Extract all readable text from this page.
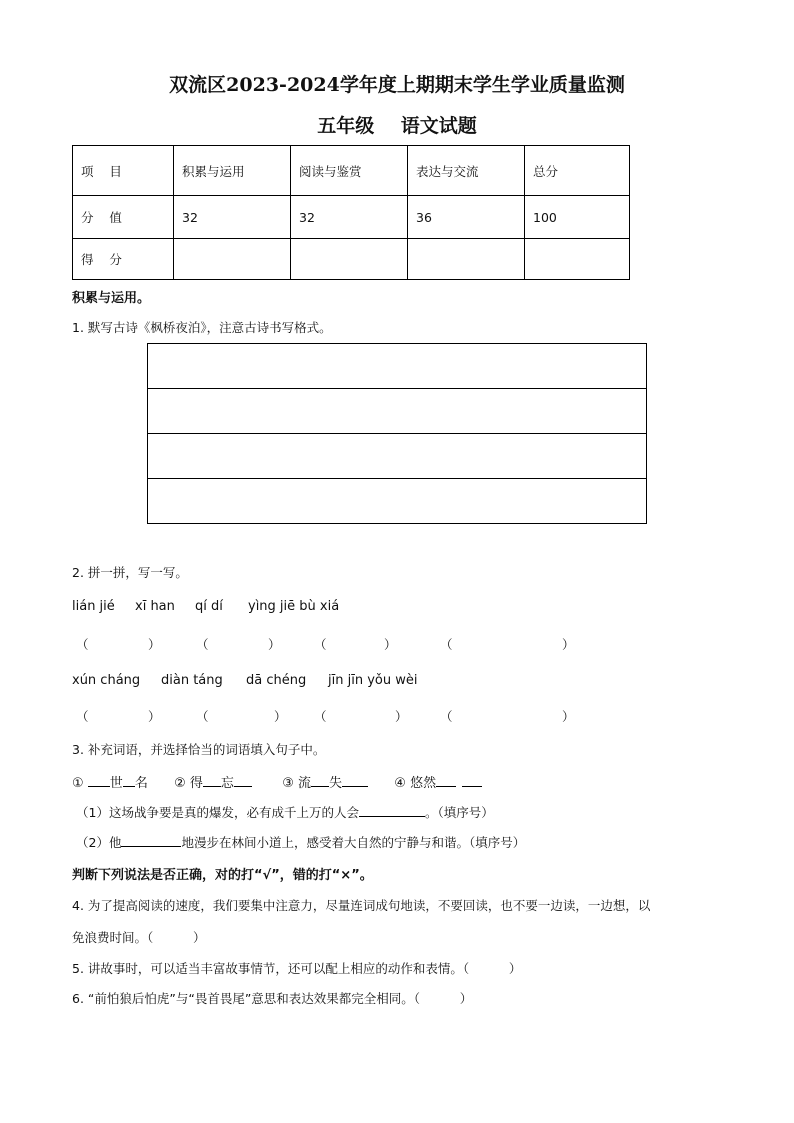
双流区2023-2024学年度上期期末学生学业质量监测
五年级    语文试题
项    目	积累与运用	阅读与鉴赏	表达与交流	总分
分    值	32	32	36	100
得    分				
积累与运用。
1. 默写古诗《枫桥夜泊》，注意古诗书写格式。
2. 拼一拼，写一写。
lián jié xī han qí dí yìng jiē bù xiá
（	）	（	）	（	）	（	）
xún cháng diàn táng dā chéng jīn jīn yǒu wèi
（	）	（	） （	）	（	）
3. 补充词语，并选择恰当的词语填入句子中。
① 世 名 ② 得 忘	③ 流 失	④ 悠然
（1）这场战争要是真的爆发，必有成千上万的人会	。（填序号）
（2）他	地漫步在林间小道上，感受着大自然的宁静与和谐。（填序号）
判断下列说法是否正确，对的打“√”，错的打“×”。
4. 为了提高阅读的速度，我们要集中注意力，尽量连词成句地读，不要回读，也不要一边读，一边想，以
免浪费时间。（          ）
5. 讲故事时，可以适当丰富故事情节，还可以配上相应的动作和表情。（          ）
6. “前怕狼后怕虎”与“畏首畏尾”意思和表达效果都完全相同。（          ）
